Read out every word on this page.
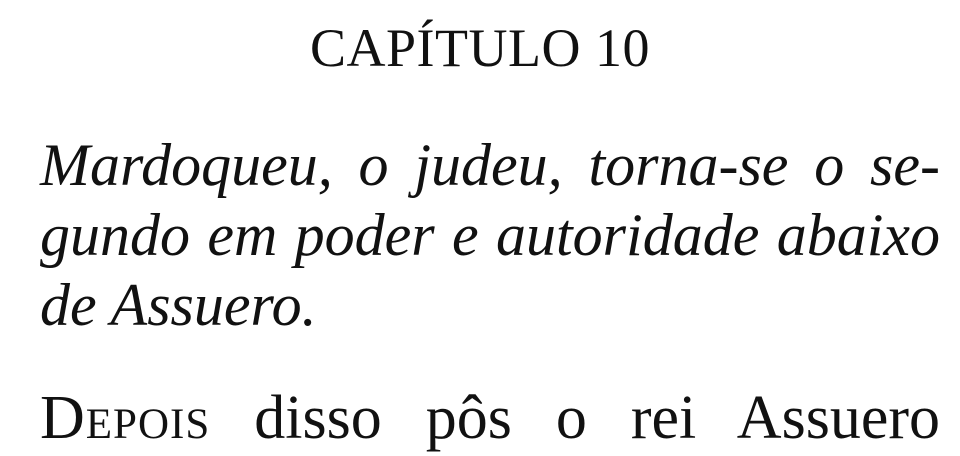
CAPÍTULO 10

Mardoqueu, o judeu, torna-se o se-
gundo em poder e autoridade abaixo
de Assuero.

Depois disso pôs o rei Assuero
